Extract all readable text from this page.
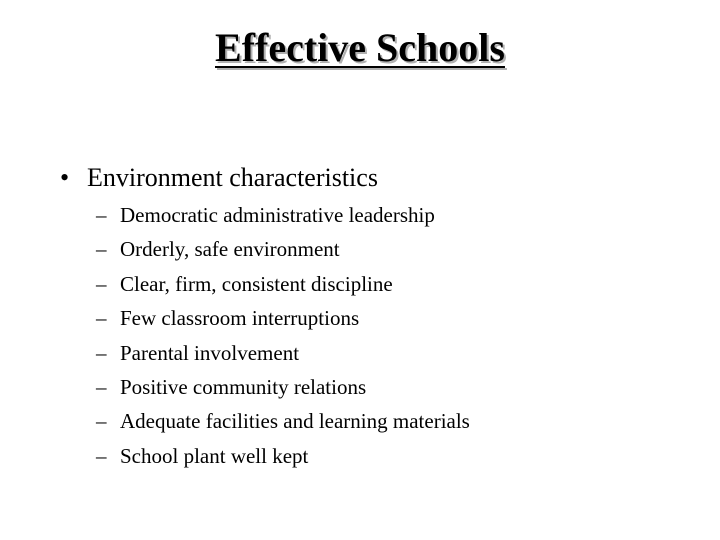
Effective Schools
• Environment characteristics
– Democratic administrative leadership
– Orderly, safe environment
– Clear, firm, consistent discipline
– Few classroom interruptions
– Parental involvement
– Positive community relations
– Adequate facilities and learning materials
– School plant well kept
